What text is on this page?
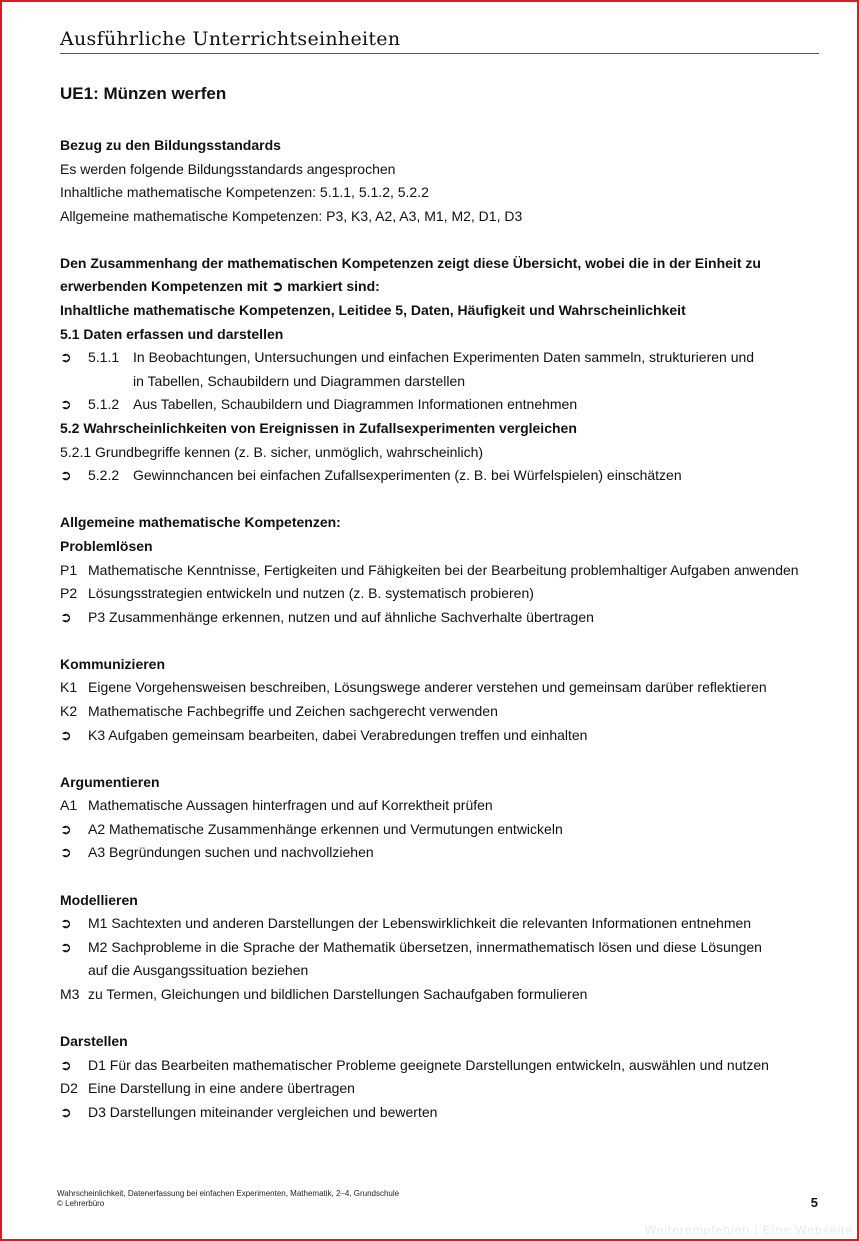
Ausführliche Unterrichtseinheiten
UE1: Münzen werfen
Bezug zu den Bildungsstandards
Es werden folgende Bildungsstandards angesprochen
Inhaltliche mathematische Kompetenzen: 5.1.1, 5.1.2, 5.2.2
Allgemeine mathematische Kompetenzen: P3, K3, A2, A3, M1, M2, D1, D3
Den Zusammenhang der mathematischen Kompetenzen zeigt diese Übersicht, wobei die in der Einheit zu
erwerbenden Kompetenzen mit ➲ markiert sind:
Inhaltliche mathematische Kompetenzen, Leitidee 5, Daten, Häufigkeit und Wahrscheinlichkeit
5.1 Daten erfassen und darstellen
➲	5.1.1 In Beobachtungen, Untersuchungen und einfachen Experimenten Daten sammeln, strukturieren und
in Tabellen, Schaubildern und Diagrammen darstellen
➲	5.1.2 Aus Tabellen, Schaubildern und Diagrammen Informationen entnehmen
5.2 Wahrscheinlichkeiten von Ereignissen in Zufallsexperimenten vergleichen
5.2.1 Grundbegriffe kennen (z. B. sicher, unmöglich, wahrscheinlich)
➲	5.2.2 Gewinnchancen bei einfachen Zufallsexperimenten (z. B. bei Würfelspielen) einschätzen
Allgemeine mathematische Kompetenzen:
Problemlösen
P1 Mathematische Kenntnisse, Fertigkeiten und Fähigkeiten bei der Bearbeitung problemhaltiger Aufgaben anwenden
P2 Lösungsstrategien entwickeln und nutzen (z. B. systematisch probieren)
➲	P3 Zusammenhänge erkennen, nutzen und auf ähnliche Sachverhalte übertragen
Kommunizieren
K1 Eigene Vorgehensweisen beschreiben, Lösungswege anderer verstehen und gemeinsam darüber reflektieren
K2 Mathematische Fachbegriffe und Zeichen sachgerecht verwenden
➲	K3 Aufgaben gemeinsam bearbeiten, dabei Verabredungen treffen und einhalten
Argumentieren
A1 Mathematische Aussagen hinterfragen und auf Korrektheit prüfen
➲	A2 Mathematische Zusammenhänge erkennen und Vermutungen entwickeln
➲	A3 Begründungen suchen und nachvollziehen
Modellieren
➲	M1 Sachtexten und anderen Darstellungen der Lebenswirklichkeit die relevanten Informationen entnehmen
➲	M2 Sachprobleme in die Sprache der Mathematik übersetzen, innermathematisch lösen und diese Lösungen
auf die Ausgangssituation beziehen
M3 zu Termen, Gleichungen und bildlichen Darstellungen Sachaufgaben formulieren
Darstellen
➲	D1 Für das Bearbeiten mathematischer Probleme geeignete Darstellungen entwickeln, auswählen und nutzen
D2 Eine Darstellung in eine andere übertragen
➲	D3 Darstellungen miteinander vergleichen und bewerten
Wahrscheinlichkeit, Datenerfassung bei einfachen Experimenten, Mathematik, 2–4, Grundschule
© Lehrerbüro	5
Weiterempfehlen | Eine Webseite
